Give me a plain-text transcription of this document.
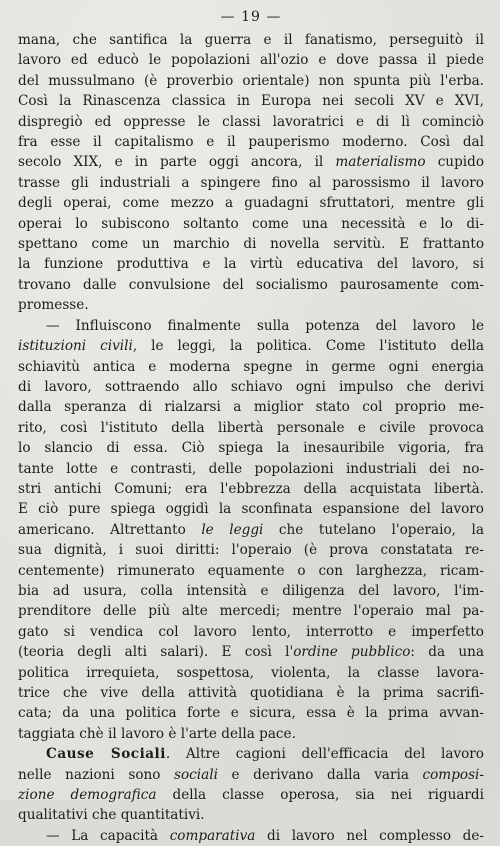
— 19 —
mana, che santifica la guerra e il fanatismo, perseguitò il
lavoro ed educò le popolazioni all'ozio e dove passa il piede
del mussulmano (è proverbio orientale) non spunta più l'erba.
Così la Rinascenza classica in Europa nei secoli XV e XVI,
dispregiò ed oppresse le classi lavoratrici e di lì cominciò
fra esse il capitalismo e il pauperismo moderno. Così dal
secolo XIX, e in parte oggi ancora, il materialismo cupido
trasse gli industriali a spingere fino al parossismo il lavoro
degli operai, come mezzo a guadagni sfruttatori, mentre gli
operai lo subiscono soltanto come una necessità e lo di-
spettano come un marchio di novella servitù. E frattanto
la funzione produttiva e la virtù educativa del lavoro, si
trovano dalle convulsione del socialismo paurosamente com-
promesse.
— Influiscono finalmente sulla potenza del lavoro le
istituzioni civili, le leggi, la politica. Come l'istituto della
schiavitù antica e moderna spegne in germe ogni energia
di lavoro, sottraendo allo schiavo ogni impulso che derivi
dalla speranza di rialzarsi a miglior stato col proprio me-
rito, così l'istituto della libertà personale e civile provoca
lo slancio di essa. Ciò spiega la inesauribile vigoria, fra
tante lotte e contrasti, delle popolazioni industriali dei no-
stri antichi Comuni; era l'ebbrezza della acquistata libertà.
E ciò pure spiega oggidì la sconfinata espansione del lavoro
americano. Altrettanto le leggi che tutelano l'operaio, la
sua dignità, i suoi diritti: l'operaio (è prova constatata re-
centemente) rimunerato equamente o con larghezza, ricam-
bia ad usura, colla intensità e diligenza del lavoro, l'im-
prenditore delle più alte mercedi; mentre l'operaio mal pa-
gato si vendica col lavoro lento, interrotto e imperfetto
(teoria degli alti salari). E così l'ordine pubblico: da una
politica irrequieta, sospettosa, violenta, la classe lavora-
trice che vive della attività quotidiana è la prima sacrifi-
cata; da una politica forte e sicura, essa è la prima avvan-
taggiata chè il lavoro è l'arte della pace.
Cause Sociali. Altre cagioni dell'efficacia del lavoro
nelle nazioni sono sociali e derivano dalla varia composi-
zione demografica della classe operosa, sia nei riguardi
qualitativi che quantitativi.
— La capacità comparativa di lavoro nel complesso de-
